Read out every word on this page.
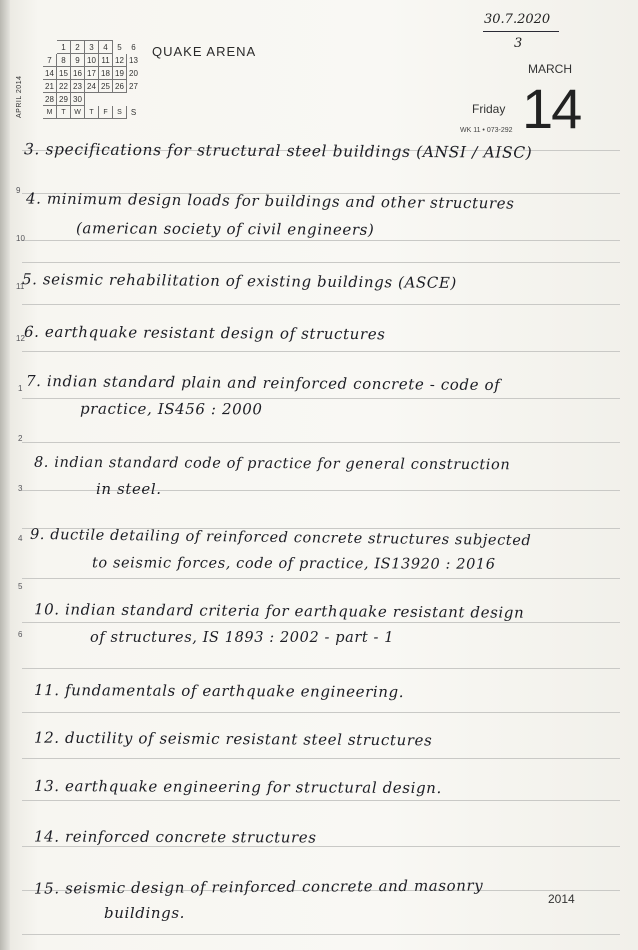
APRIL 2014
		1	2	3	4	5	6
	7	8	9	10	11	12	13
	14	15	16	17	18	19	20
	21	22	23	24	25	26	27
	28	29	30				
	M	T	W	T	F	S	S
QUAKE ARENA
30.7.2020
3
MARCH
Friday 14
WK 11 • 073-292
9
10
11
12
1
2
3
4
5
6
3. specifications for structural steel buildings (ANSI / AISC)
4. minimum design loads for buildings and other structures
(american society of civil engineers)
5. seismic rehabilitation of existing buildings (ASCE)
6. earthquake resistant design of structures
7. indian standard plain and reinforced concrete - code of
practice, IS456 : 2000
8. indian standard code of practice for general construction
in steel.
9. ductile detailing of reinforced concrete structures subjected
to seismic forces, code of practice, IS13920 : 2016
10. indian standard criteria for earthquake resistant design
of structures, IS 1893 : 2002 - part - 1
11. fundamentals of earthquake engineering.
12. ductility of seismic resistant steel structures
13. earthquake engineering for structural design.
14. reinforced concrete structures
15. seismic design of reinforced concrete and masonry
buildings.
2014
